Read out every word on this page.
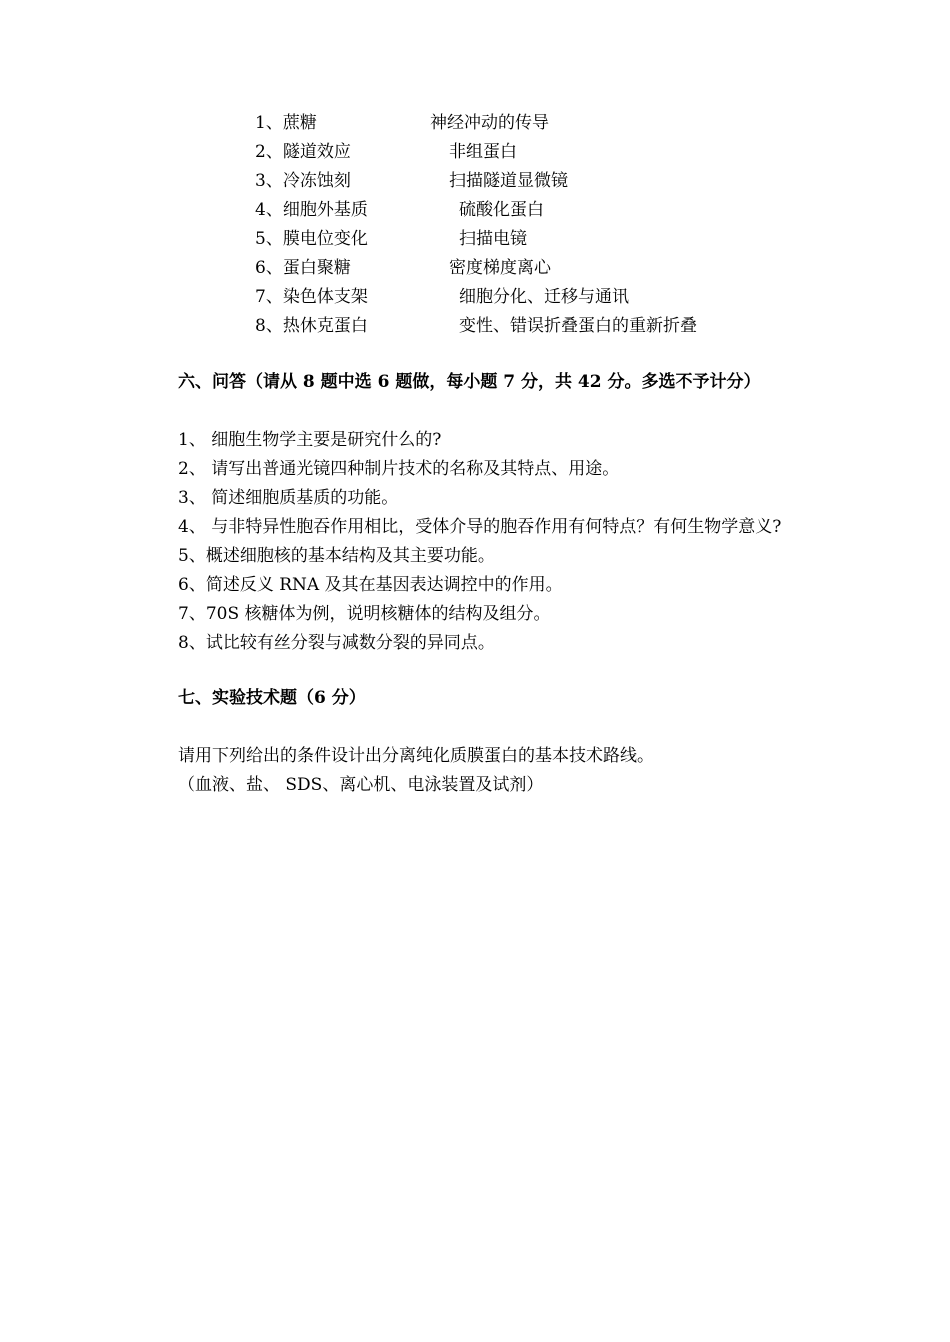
1、蔗糖	神经冲动的传导
2、隧道效应	非组蛋白
3、冷冻蚀刻	扫描隧道显微镜
4、细胞外基质	硫酸化蛋白
5、膜电位变化	扫描电镜
6、蛋白聚糖	密度梯度离心
7、染色体支架	细胞分化、迁移与通讯
8、热休克蛋白	变性、错误折叠蛋白的重新折叠
六、问答（请从 8 题中选 6 题做，每小题 7 分，共 42 分。多选不予计分）
1、 细胞生物学主要是研究什么的?
2、 请写出普通光镜四种制片技术的名称及其特点、用途。
3、 简述细胞质基质的功能。
4、 与非特异性胞吞作用相比，受体介导的胞吞作用有何特点？有何生物学意义?
5、概述细胞核的基本结构及其主要功能。
6、简述反义 RNA 及其在基因表达调控中的作用。
7、70S 核糖体为例，说明核糖体的结构及组分。
8、试比较有丝分裂与减数分裂的异同点。
七、实验技术题（6 分）
请用下列给出的条件设计出分离纯化质膜蛋白的基本技术路线。
（血液、盐、 SDS、离心机、电泳装置及试剂）
